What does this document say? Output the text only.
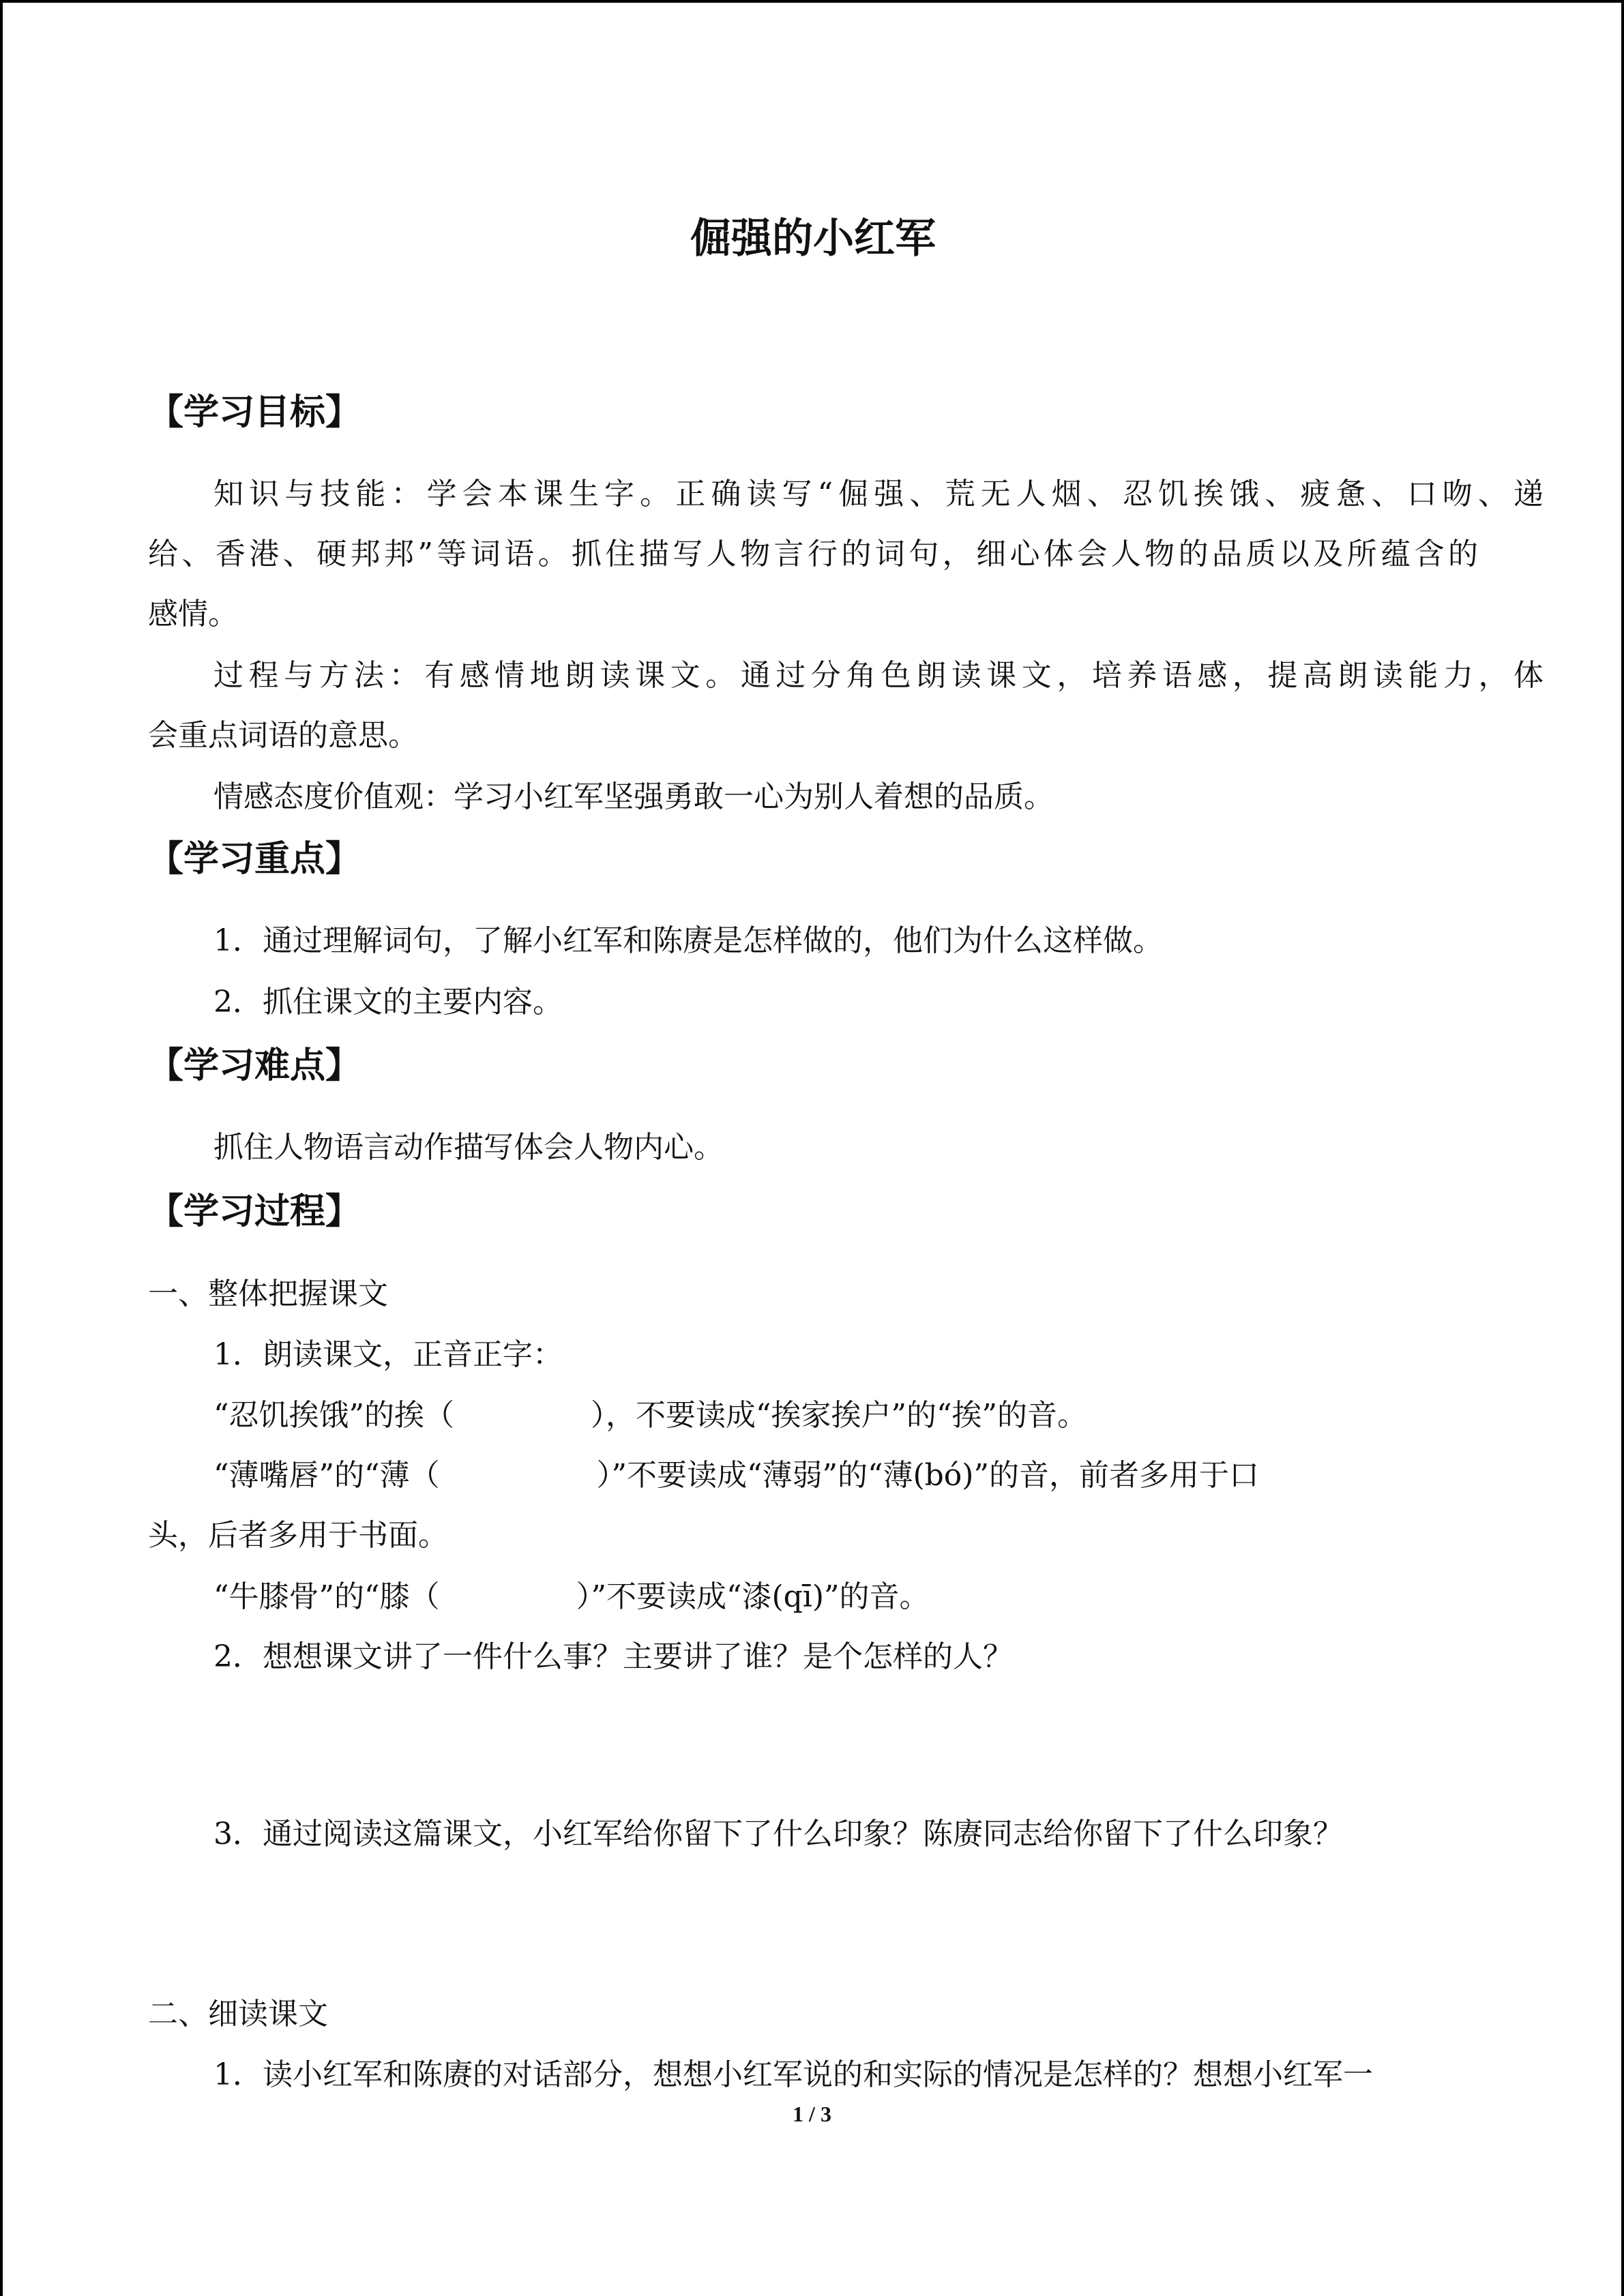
倔强的小红军
【学习目标】
知识与技能：学会本课生字。正确读写“倔强、荒无人烟、忍饥挨饿、疲惫、口吻、递
给、香港、硬邦邦”等词语。抓住描写人物言行的词句，细心体会人物的品质以及所蕴含的
感情。
过程与方法：有感情地朗读课文。通过分角色朗读课文，培养语感，提高朗读能力，体
会重点词语的意思。
情感态度价值观：学习小红军坚强勇敢一心为别人着想的品质。
【学习重点】
1．通过理解词句，了解小红军和陈赓是怎样做的，他们为什么这样做。
2．抓住课文的主要内容。
【学习难点】
抓住人物语言动作描写体会人物内心。
【学习过程】
一、整体把握课文
1．朗读课文，正音正字：
“忍饥挨饿”的挨（	），不要读成“挨家挨户”的“挨”的音。
“薄嘴唇”的“薄（	）”不要读成“薄弱”的“薄(bó)”的音，前者多用于口
头，后者多用于书面。
“牛膝骨”的“膝（	）”不要读成“漆(qī)”的音。
2．想想课文讲了一件什么事？主要讲了谁？是个怎样的人？
3．通过阅读这篇课文，小红军给你留下了什么印象？陈赓同志给你留下了什么印象？
二、细读课文
1．读小红军和陈赓的对话部分，想想小红军说的和实际的情况是怎样的？想想小红军一
1 / 3
